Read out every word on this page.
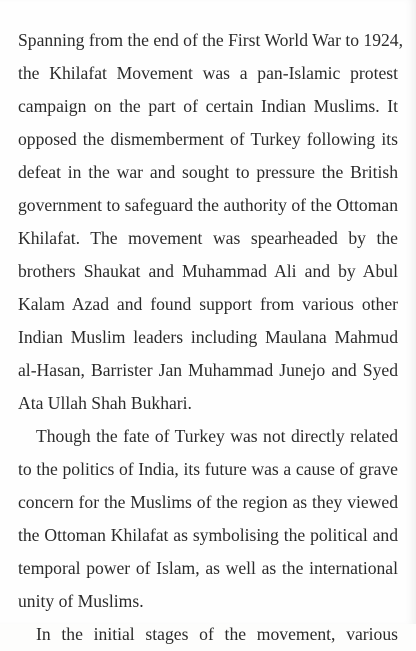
Spanning from the end of the First World War to 1924,
the Khilafat Movement was a pan-Islamic protest
campaign on the part of certain Indian Muslims. It
opposed the dismemberment of Turkey following its
defeat in the war and sought to pressure the British
government to safeguard the authority of the Ottoman
Khilafat. The movement was spearheaded by the
brothers Shaukat and Muhammad Ali and by Abul
Kalam Azad and found support from various other
Indian Muslim leaders including Maulana Mahmud
al-Hasan, Barrister Jan Muhammad Junejo and Syed
Ata Ullah Shah Bukhari.
Though the fate of Turkey was not directly related
to the politics of India, its future was a cause of grave
concern for the Muslims of the region as they viewed
the Ottoman Khilafat as symbolising the political and
temporal power of Islam, as well as the international
unity of Muslims.
In the initial stages of the movement, various
